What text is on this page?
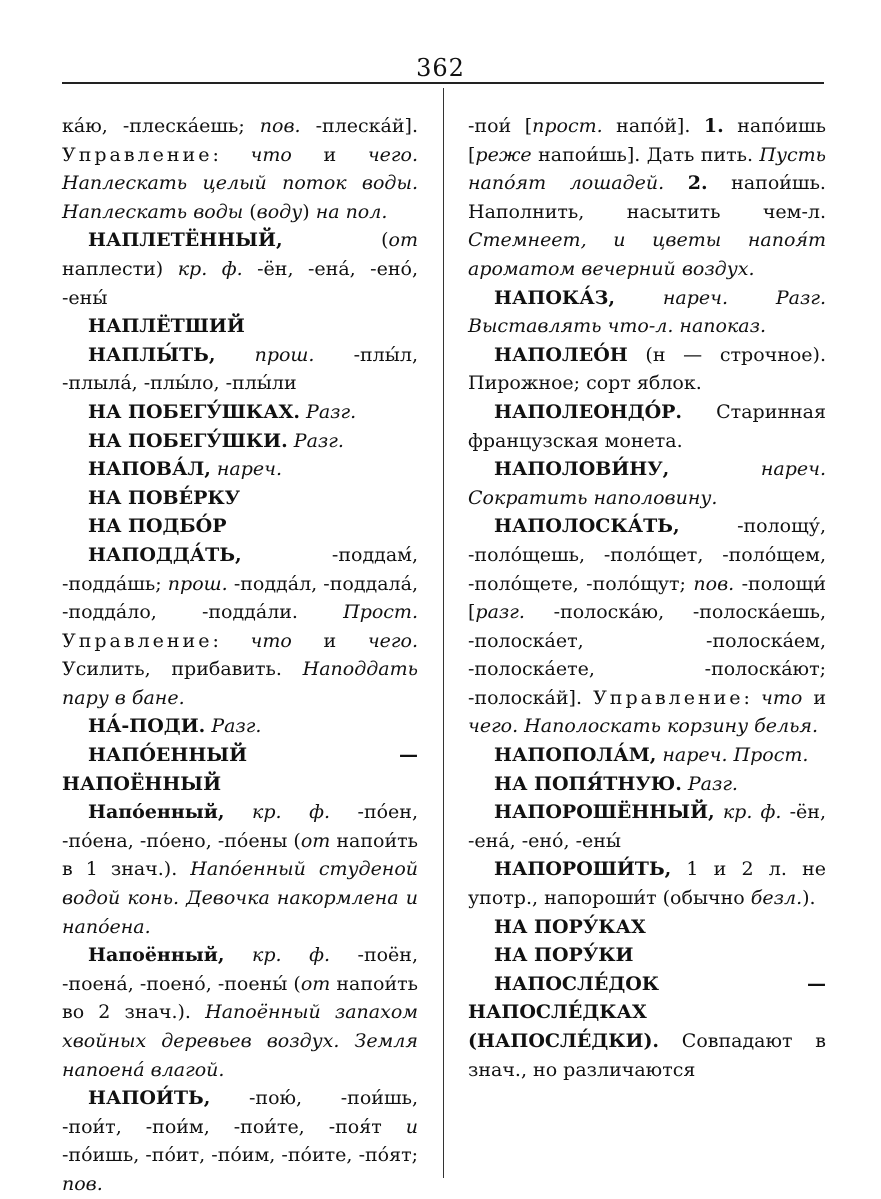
362

ка́ю, -плеска́ешь; пов. -плеска́й]. Управление: что и чего. Наплескать целый поток воды. Наплескать воды (воду) на пол.

НАПЛЕТЁННЫЙ, (от наплести) кр. ф. -ён, -ена́, -ено́, -ены́

НАПЛЁТШИЙ

НАПЛЫ́ТЬ, прош. -плы́л, -плыла́, -плы́ло, -плы́ли

НА ПОБЕГУ́ШКАХ. Разг.

НА ПОБЕГУ́ШКИ. Разг.

НАПОВА́Л, нареч.

НА ПОВЕ́РКУ

НА ПОДБО́Р

НАПОДДА́ТЬ, -поддам́, -подда́шь; прош. -подда́л, -поддала́, -подда́ло, -подда́ли. Прост. Управление: что и чего. Усилить, прибавить. Наподдать пару в бане.

НА́-ПОДИ. Разг.

НАПО́ЕННЫЙ — НАПОЁННЫЙ

Напо́енный, кр. ф. -по́ен, -по́ена, -по́ено, -по́ены (от напои́ть в 1 знач.). Напо́енный студеной водой конь. Девочка накормлена и напо́ена.

Напоённый, кр. ф. -поён, -поена́, -поено́, -поены́ (от напои́ть во 2 знач.). Напоённый запахом хвойных деревьев воздух. Земля напоена́ влагой.

НАПОИ́ТЬ, -пою́, -пои́шь, -пои́т, -пои́м, -пои́те, -поя́т и -по́ишь, -по́ит, -по́им, -по́ите, -по́ят; пов.

-пои́ [прост. напо́й]. 1. напо́ишь [реже напои́шь]. Дать пить. Пусть напо́ят лошадей. 2. напои́шь. Наполнить, насытить чем-л. Стемнеет, и цветы напоя́т ароматом вечерний воздух.

НАПОКА́З,	нареч. Разг. Выставлять что-л. напоказ.

НАПОЛЕО́Н (н — строчное). Пирожное; сорт яблок.

НАПОЛЕОНДО́Р. Старинная французская монета.

НАПОЛОВИ́НУ,	нареч. Сократить наполовину.

НАПОЛОСКА́ТЬ, -полощу́, -поло́щешь, -поло́щет, -поло́щем, -поло́щете, -поло́щут; пов. -полощи́ [разг. -полоска́ю, -полоска́ешь, -полоска́ет, -полоска́ем, -полоска́ете, -полоска́ют; -полоска́й]. Управление: что и чего. Наполоскать корзину белья.

НАПОПОЛА́М, нареч. Прост.

НА ПОПЯ́ТНУЮ. Разг.

НАПОРОШЁННЫЙ, кр. ф. -ён, -ена́, -ено́, -ены́

НАПОРОШИ́ТЬ, 1 и 2 л. не употр., напороши́т (обычно безл.).

НА ПОРУ́КАХ

НА ПОРУ́КИ

НАПОСЛЕ́ДОК — НАПОСЛЕ́ДКАХ (НАПОСЛЕ́ДКИ). Совпадают в знач., но различаются
